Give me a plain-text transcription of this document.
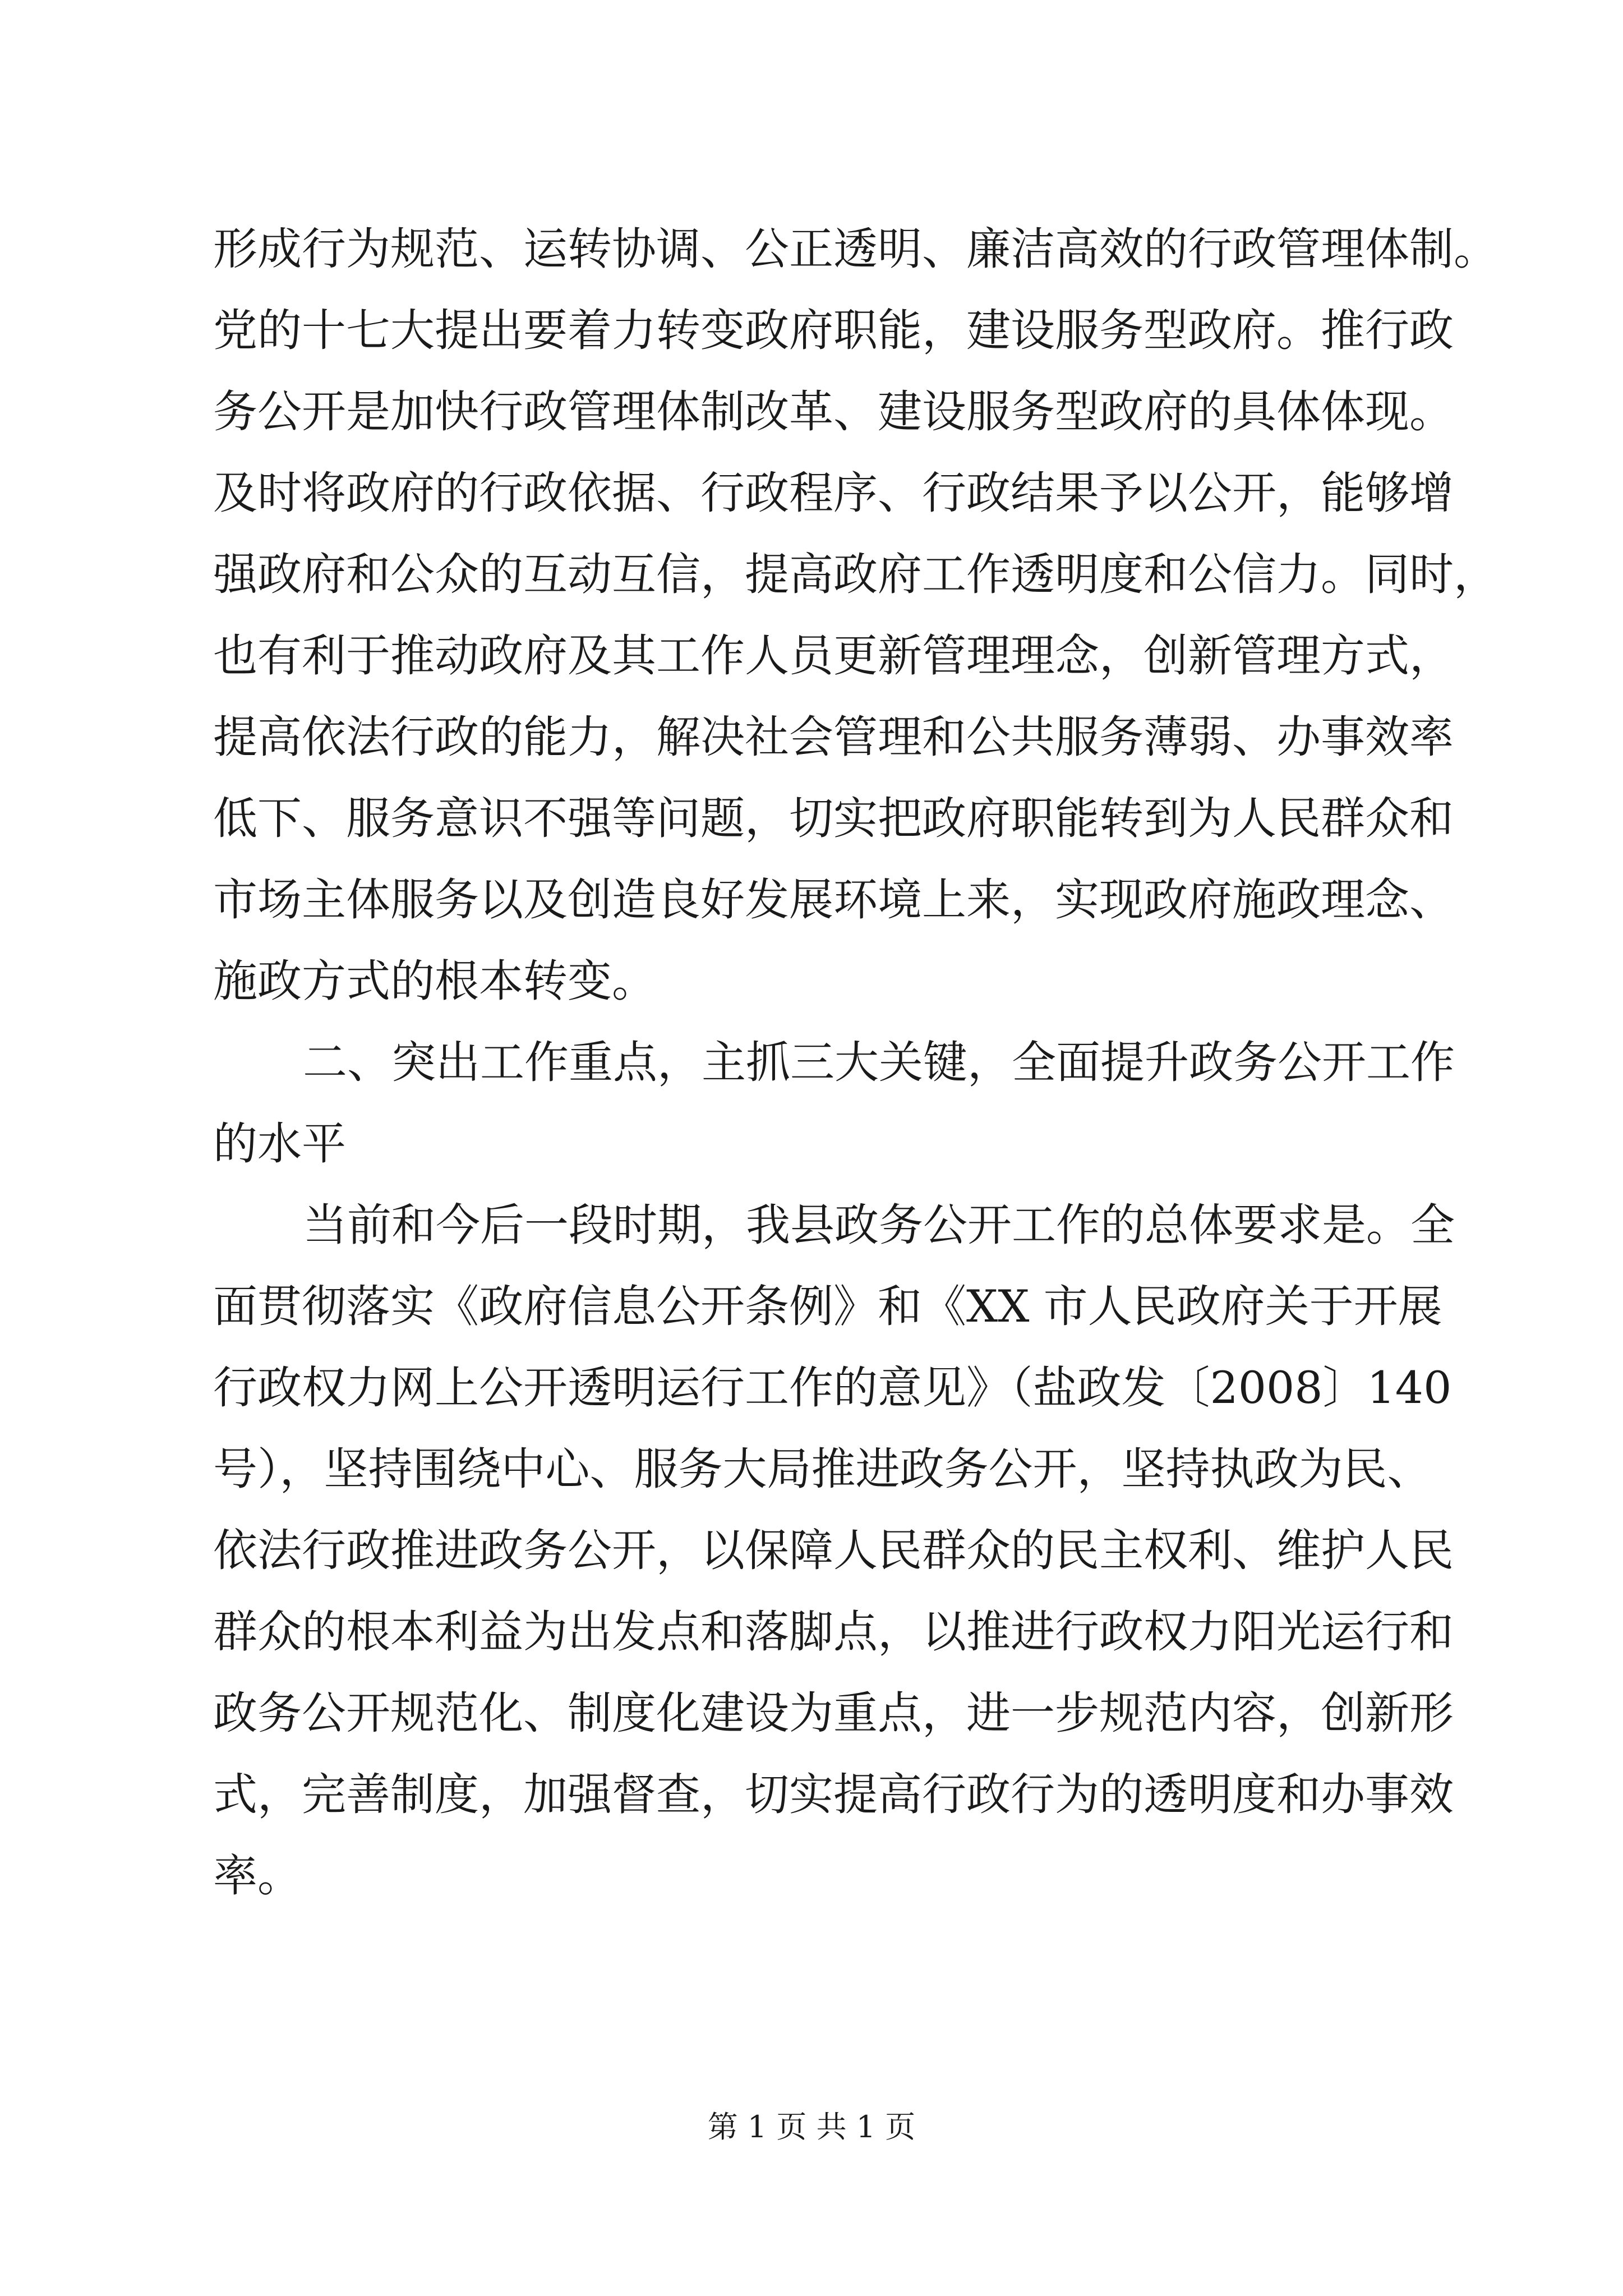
形成行为规范、运转协调、公正透明、廉洁高效的行政管理体制。
党的十七大提出要着力转变政府职能，建设服务型政府。推行政
务公开是加快行政管理体制改革、建设服务型政府的具体体现。
及时将政府的行政依据、行政程序、行政结果予以公开，能够增
强政府和公众的互动互信，提高政府工作透明度和公信力。同时，
也有利于推动政府及其工作人员更新管理理念，创新管理方式，
提高依法行政的能力，解决社会管理和公共服务薄弱、办事效率
低下、服务意识不强等问题，切实把政府职能转到为人民群众和
市场主体服务以及创造良好发展环境上来，实现政府施政理念、
施政方式的根本转变。
二、突出工作重点，主抓三大关键，全面提升政务公开工作
的水平
当前和今后一段时期，我县政务公开工作的总体要求是。全
面贯彻落实《政府信息公开条例》和《XX 市人民政府关于开展
行政权力网上公开透明运行工作的意见》（盐政发〔2008〕140
号），坚持围绕中心、服务大局推进政务公开，坚持执政为民、
依法行政推进政务公开，以保障人民群众的民主权利、维护人民
群众的根本利益为出发点和落脚点，以推进行政权力阳光运行和
政务公开规范化、制度化建设为重点，进一步规范内容，创新形
式，完善制度，加强督查，切实提高行政行为的透明度和办事效
率。
第 1 页 共 1 页
